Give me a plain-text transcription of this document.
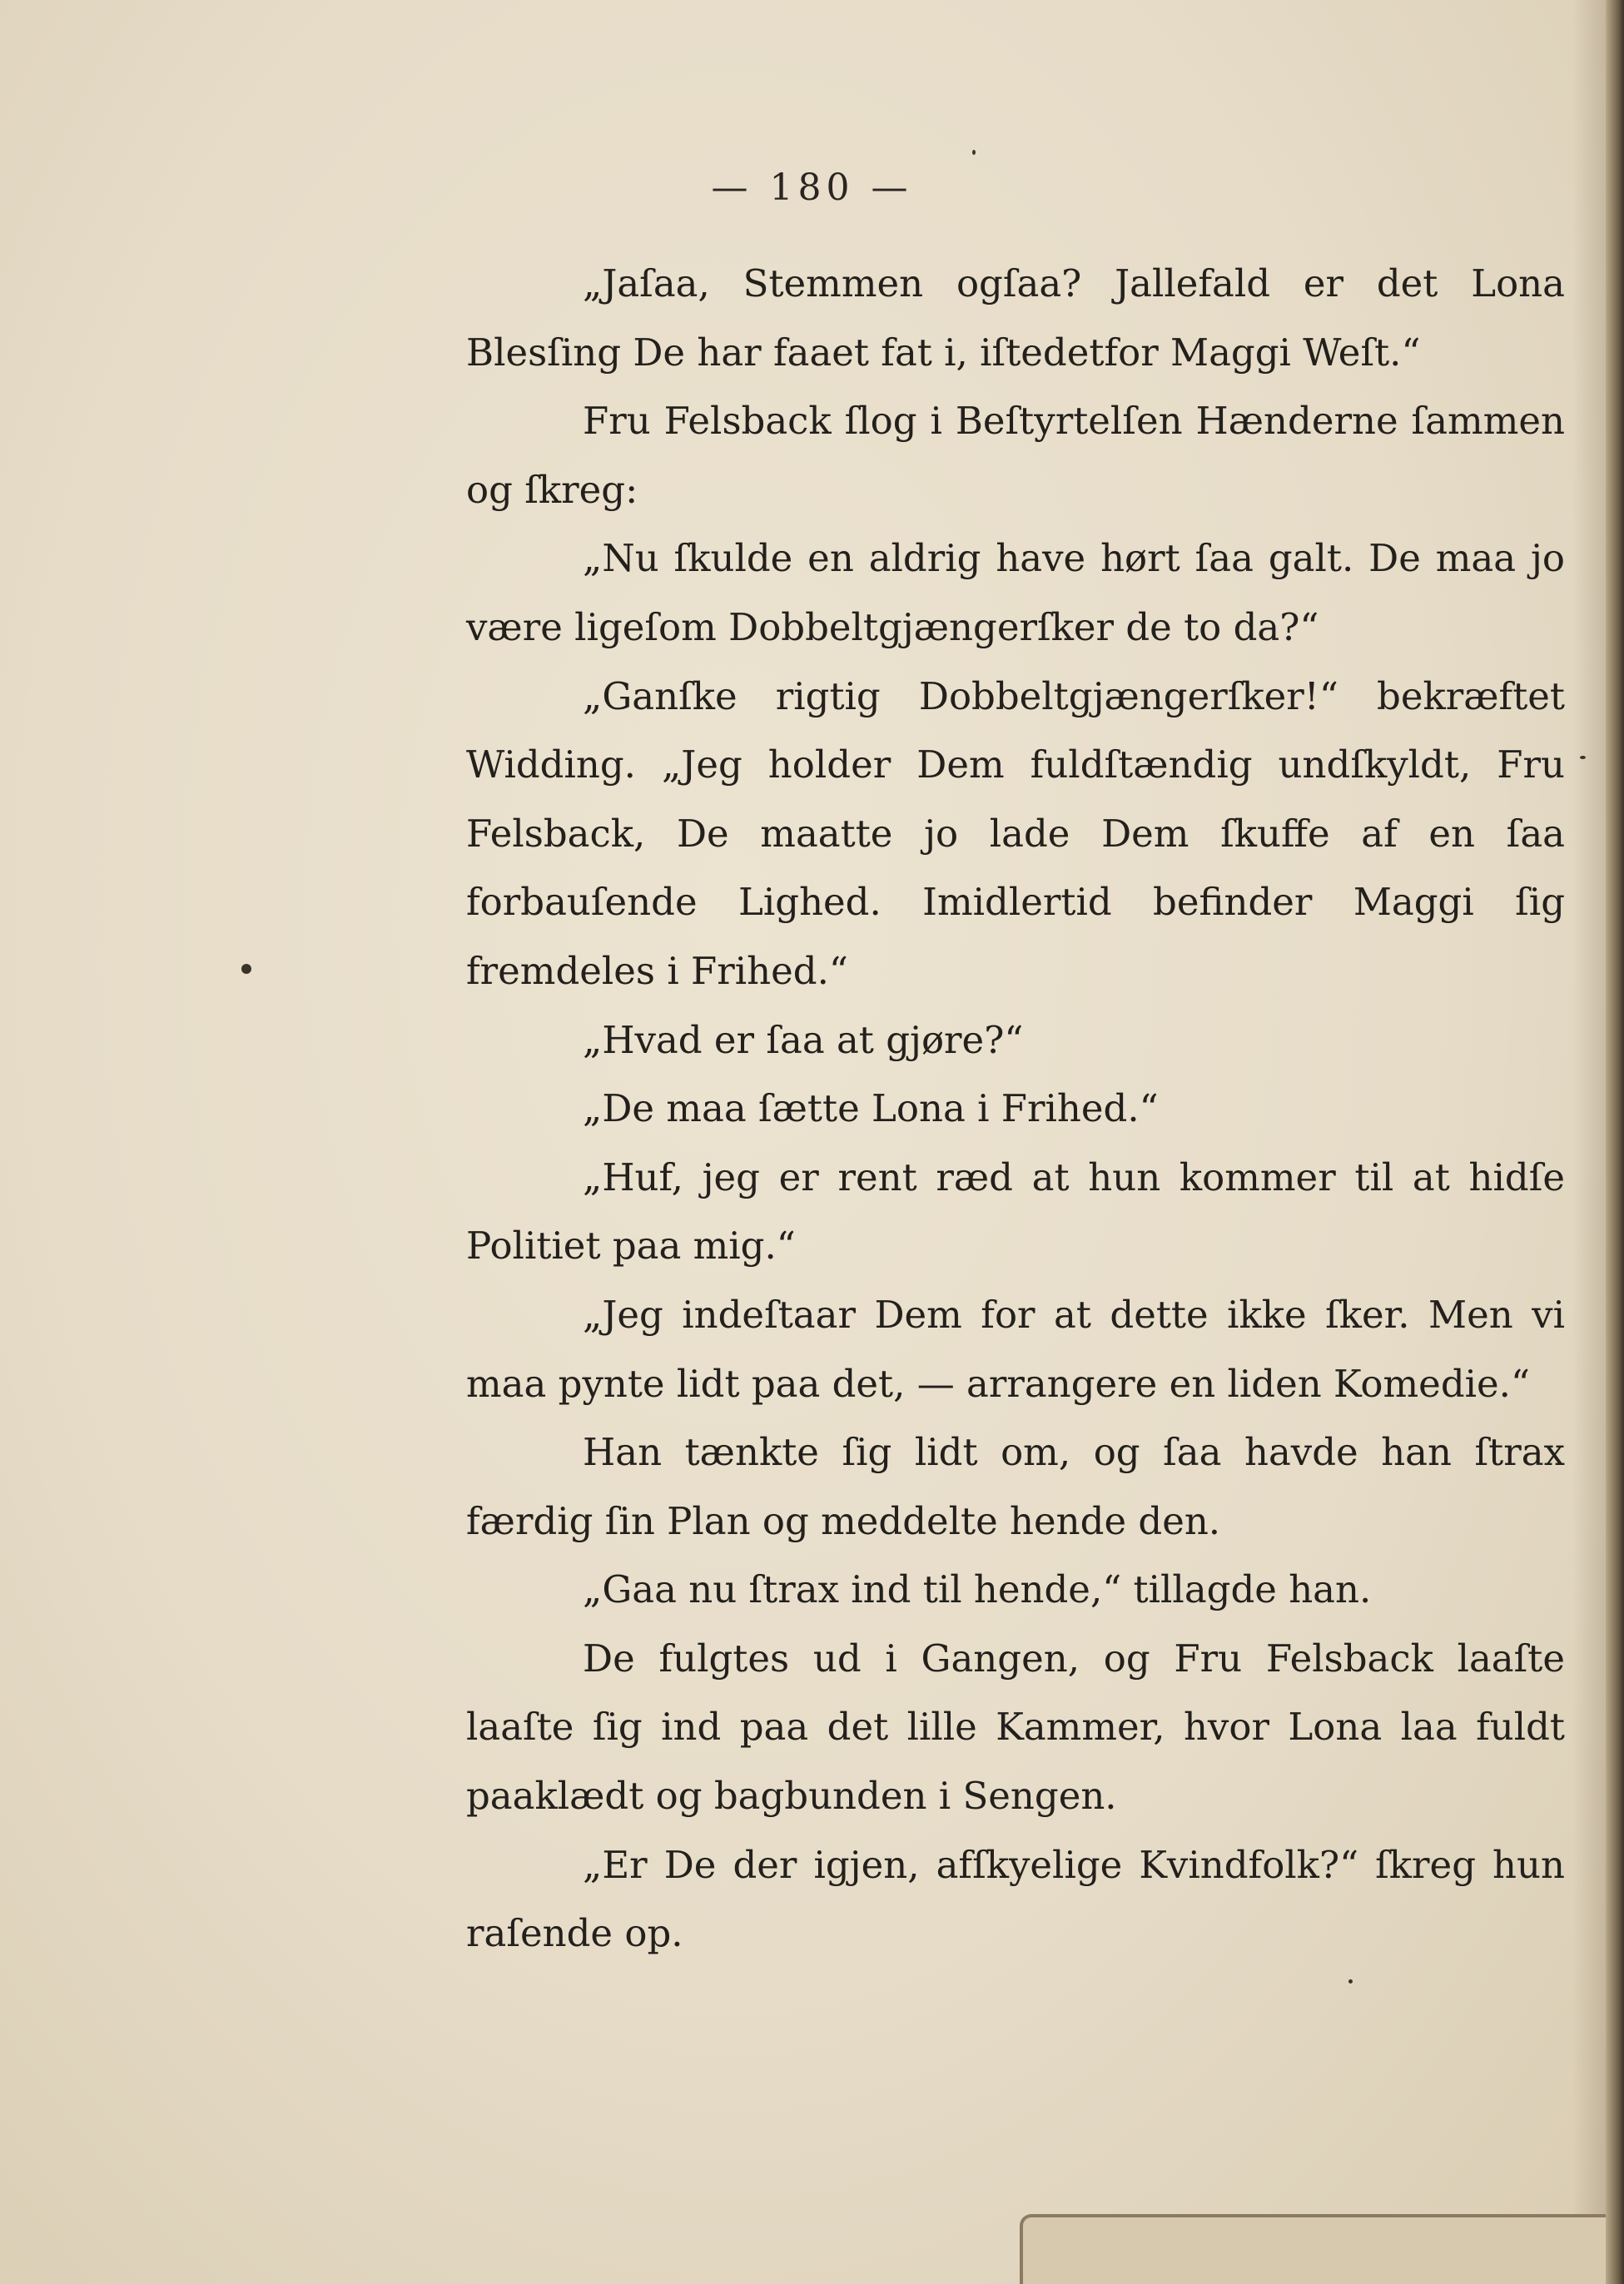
— 180 —

„Jaſaa, Stemmen ogſaa? Jallefald er det Lona Blesſing De har faaet fat i, iſtedetfor Maggi Weſt.“

Fru Felsback ſlog i Beſtyrtelſen Hænderne ſammen og ſkreg:

„Nu ſkulde en aldrig have hørt ſaa galt. De maa jo være ligeſom Dobbeltgjængerſker de to da?“

„Ganſke rigtig Dobbeltgjængerſker!“ bekræftet Widding. „Jeg holder Dem fuldſtændig undſkyldt, Fru Felsback, De maatte jo lade Dem ſkuffe af en ſaa forbauſende Lighed. Imidlertid befinder Maggi ſig fremdeles i Frihed.“

„Hvad er ſaa at gjøre?“

„De maa ſætte Lona i Frihed.“

„Huf, jeg er rent ræd at hun kommer til at hidſe Politiet paa mig.“

„Jeg indeſtaar Dem for at dette ikke ſker. Men vi maa pynte lidt paa det, — arrangere en liden Komedie.“

Han tænkte ſig lidt om, og ſaa havde han ſtrax færdig ſin Plan og meddelte hende den.

„Gaa nu ſtrax ind til hende,“ tillagde han.

De fulgtes ud i Gangen, og Fru Felsback laaſte laaſte ſig ind paa det lille Kammer, hvor Lona laa fuldt paaklædt og bagbunden i Sengen.

„Er De der igjen, afſkyelige Kvindfolk?“ ſkreg hun raſende op.
